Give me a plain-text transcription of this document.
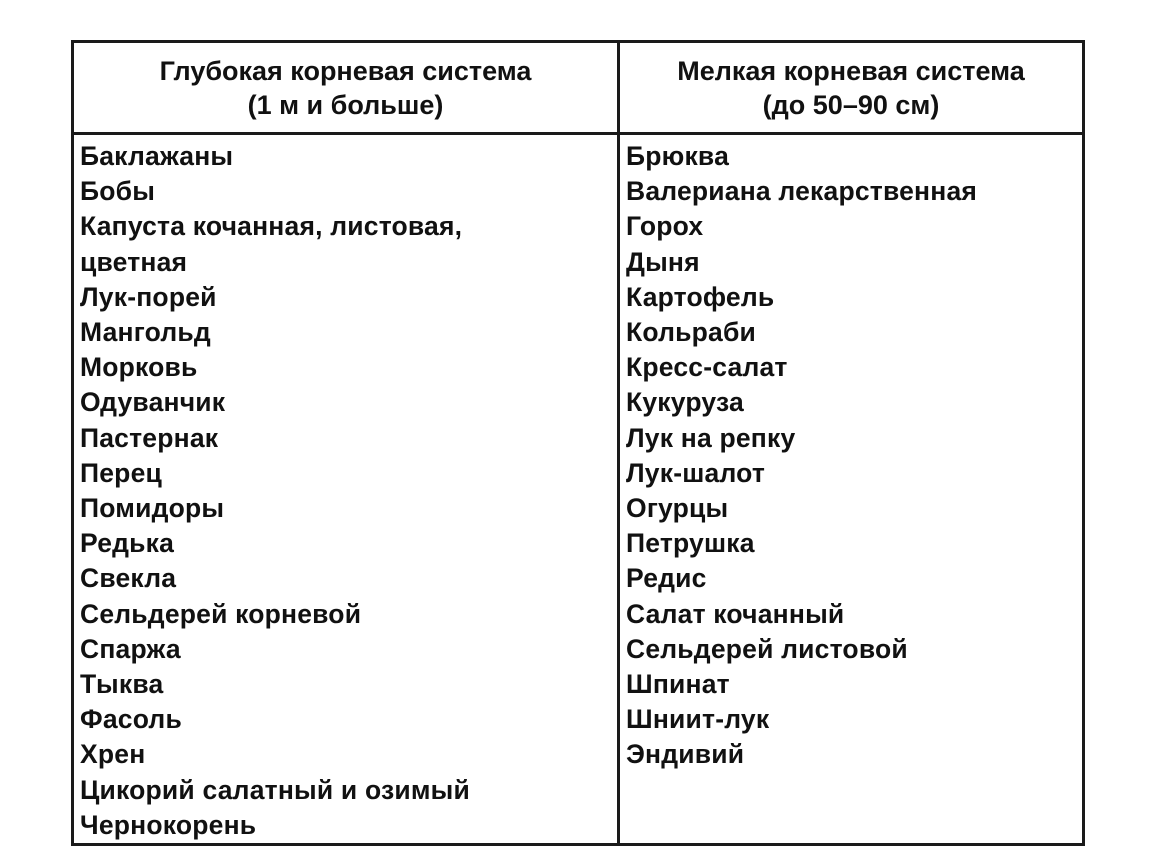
Глубокая корневая система
(1 м и больше)
Мелкая корневая система
(до 50–90 см)
Баклажаны
Бобы
Капуста кочанная, листовая,
цветная
Лук-порей
Мангольд
Морковь
Одуванчик
Пастернак
Перец
Помидоры
Редька
Свекла
Сельдерей корневой
Спаржа
Тыква
Фасоль
Хрен
Цикорий салатный и озимый
Чернокорень
Брюква
Валериана лекарственная
Горох
Дыня
Картофель
Кольраби
Кресс-салат
Кукуруза
Лук на репку
Лук-шалот
Огурцы
Петрушка
Редис
Салат кочанный
Сельдерей листовой
Шпинат
Шниит-лук
Эндивий
